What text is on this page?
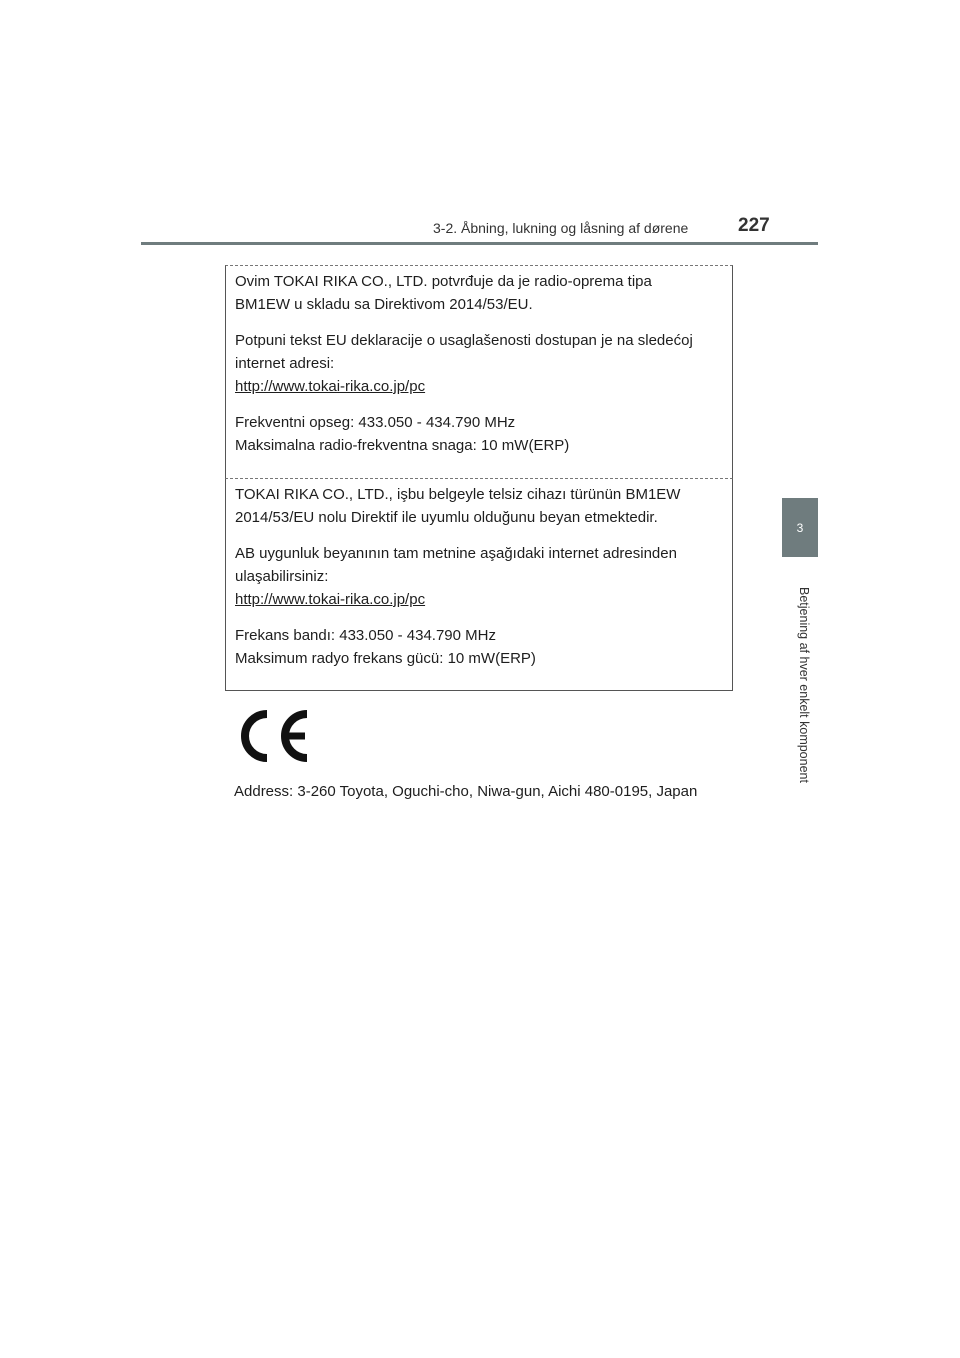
3-2. Åbning, lukning og låsning af dørene	227
3
Betjening af hver enkelt komponent
Ovim TOKAI RIKA CO., LTD. potvrđuje da je radio-oprema tipa
BM1EW u skladu sa Direktivom 2014/53/EU.
Potpuni tekst EU deklaracije o usaglašenosti dostupan je na sledećoj
internet adresi:
http://www.tokai-rika.co.jp/pc
Frekventni opseg: 433.050 - 434.790 MHz
Maksimalna radio-frekventna snaga: 10 mW(ERP)
TOKAI RIKA CO., LTD., işbu belgeyle telsiz cihazı türünün BM1EW
2014/53/EU nolu Direktif ile uyumlu olduğunu beyan etmektedir.
AB uygunluk beyanının tam metnine aşağıdaki internet adresinden
ulaşabilirsiniz:
http://www.tokai-rika.co.jp/pc
Frekans bandı: 433.050 - 434.790 MHz
Maksimum radyo frekans gücü: 10 mW(ERP)
Address: 3-260 Toyota, Oguchi-cho, Niwa-gun, Aichi 480-0195, Japan
